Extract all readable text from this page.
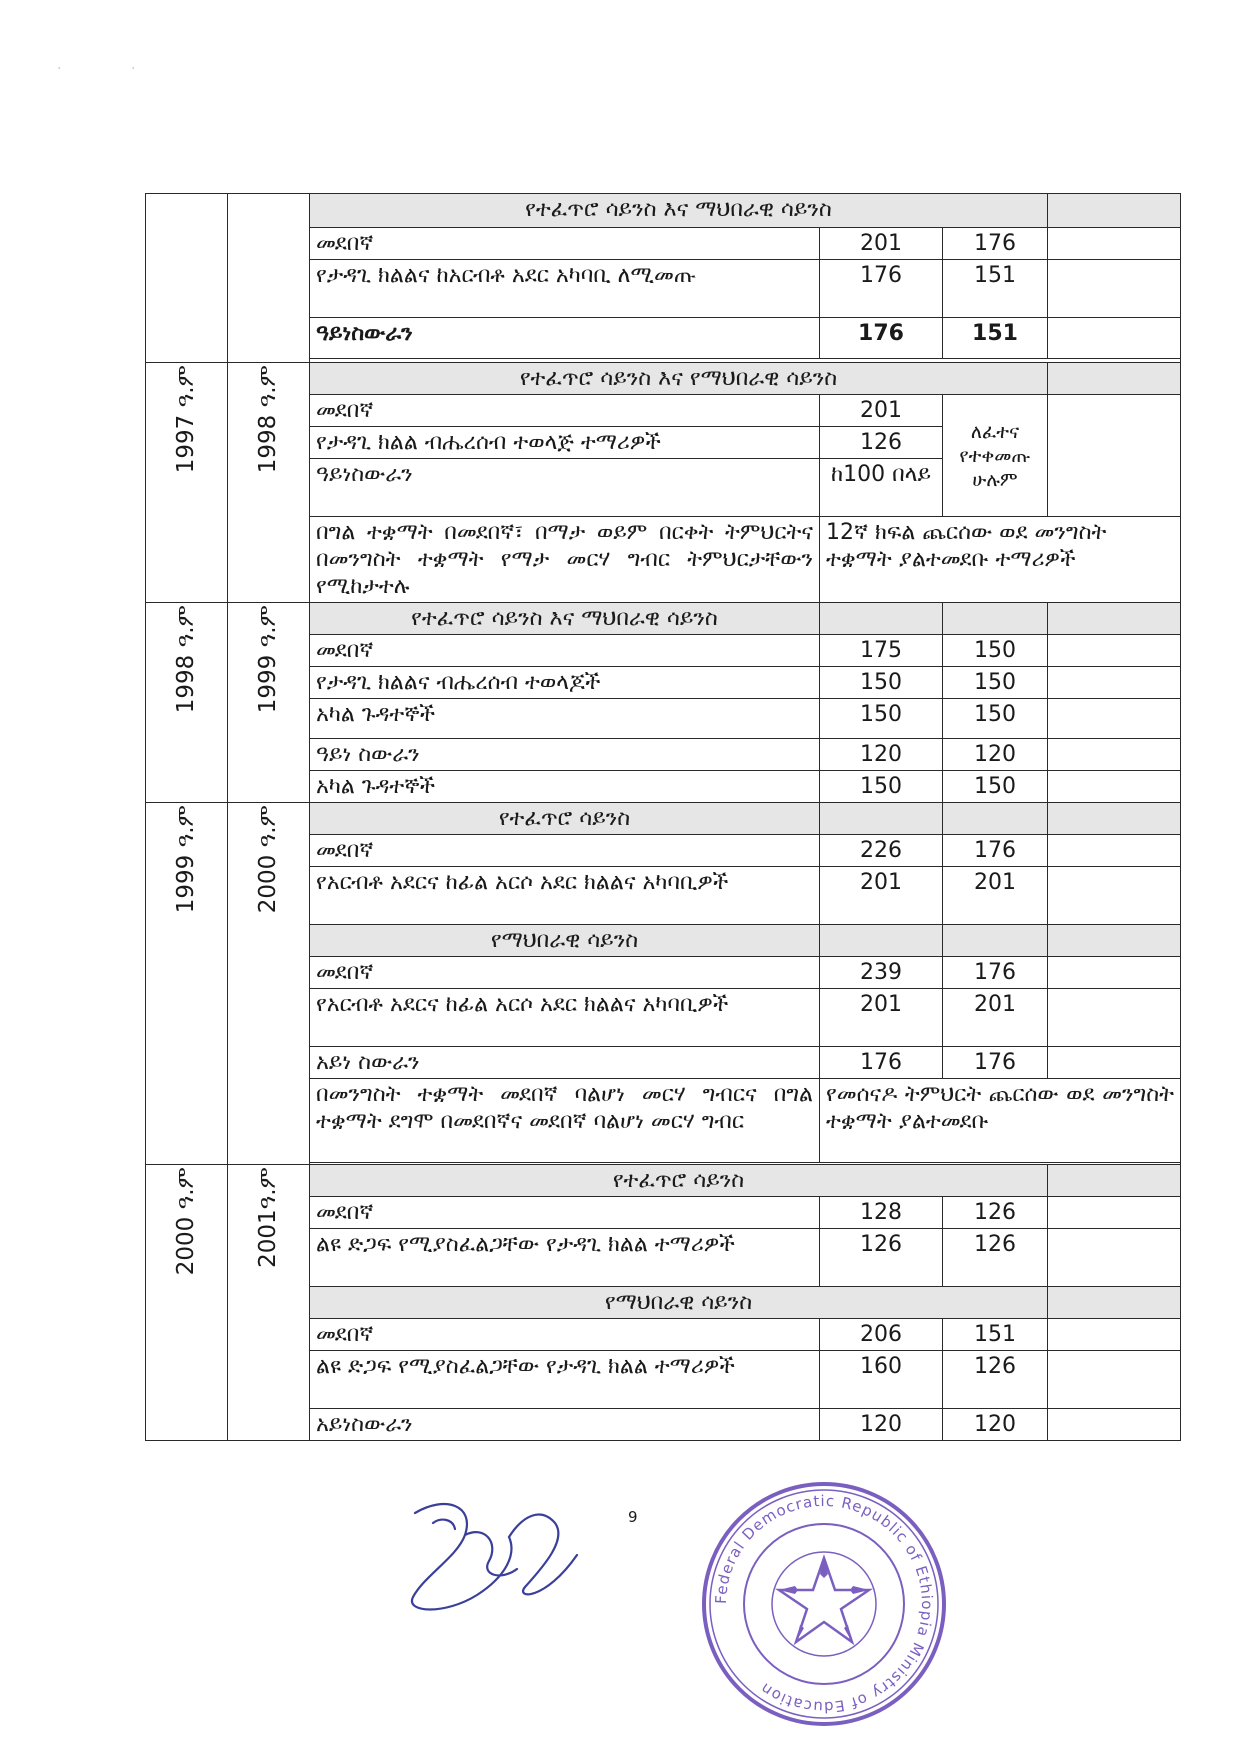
'	'
		የተፈጥሮ ሳይንስ እና ማህበራዊ ሳይንስ			
		መደበኛ	201	176	
		የታዳጊ ክልልና ከአርብቶ አደር አካባቢ ለሚመጡ	176	151	
		ዓይነስውራን	176	151	

1997 ዓ.ም	1998 ዓ.ም	የተፈጥሮ ሳይንስ እና የማህበራዊ ሳይንስ			
		መደበኛ	201	ለፈተና የተቀመጡ ሁሉም	
		የታዳጊ ክልል ብሔረሰብ ተወላጅ ተማሪዎች	126		
		ዓይነስውራን	ከ100 በላይ		
		በግል ተቋማት በመደበኛ፣ በማታ ወይም በርቀት ትምህርትና በመንግስት ተቋማት የማታ መርሃ ግብር ትምህርታቸውን የሚከታተሉ	12ኛ ክፍል ጨርሰው ወደ መንግስት ተቋማት ያልተመደቡ ተማሪዎች		
1998 ዓ.ም	1999 ዓ.ም	የተፈጥሮ ሳይንስ እና ማህበራዊ ሳይንስ			
		መደበኛ	175	150	
		የታዳጊ ክልልና ብሔረሰብ ተወላጆች	150	150	
		አካል ጉዳተኞች	150	150	
		ዓይነ ስውራን	120	120	
		አካል ጉዳተኞች	150	150	
1999 ዓ.ም	2000 ዓ.ም	የተፈጥሮ ሳይንስ			
		መደበኛ	226	176	
		የአርብቶ አደርና ከፊል አርሶ አደር ክልልና አካባቢዎች	201	201	
		የማህበራዊ ሳይንስ			
		መደበኛ	239	176	
		የአርብቶ አደርና ከፊል አርሶ አደር ክልልና አካባቢዎች	201	201	
		አይነ ስውራን	176	176	
		በመንግስት ተቋማት መደበኛ ባልሆነ መርሃ ግብርና በግል ተቋማት ደግሞ በመደበኛና መደበኛ ባልሆነ መርሃ ግብር	የመሰናዶ ትምህርት ጨርሰው ወደ መንግስት ተቋማት ያልተመደቡ		

2000 ዓ.ም	2001ዓ.ም	የተፈጥሮ ሳይንስ			
		መደበኛ	128	126	
		ልዩ ድጋፍ የሚያስፈልጋቸው የታዳጊ ክልል ተማሪዎች	126	126	
		የማህበራዊ ሳይንስ			
		መደበኛ	206	151	
		ልዩ ድጋፍ የሚያስፈልጋቸው የታዳጊ ክልል ተማሪዎች	160	126	
		አይነስውራን	120	120	
9
Federal Democratic Republic of Ethiopia Ministry of Education
